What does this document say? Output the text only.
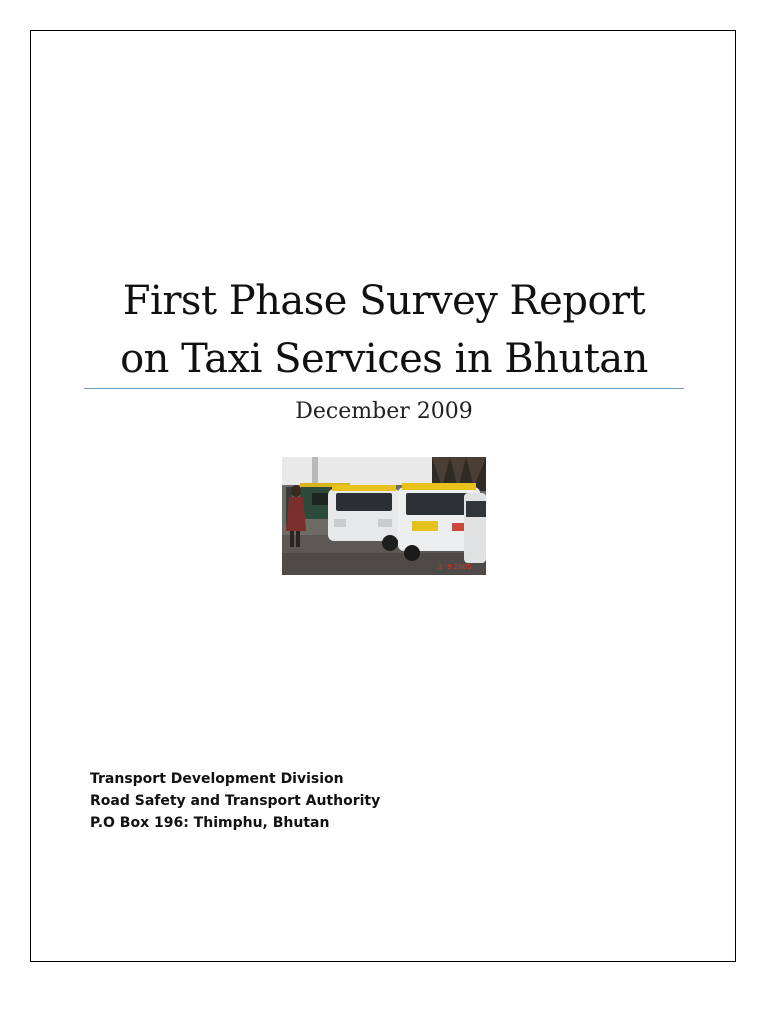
First Phase Survey Report
on Taxi Services in Bhutan
December 2009
3 -9 2005
Transport Development Division
Road Safety and Transport Authority
P.O Box 196: Thimphu, Bhutan
